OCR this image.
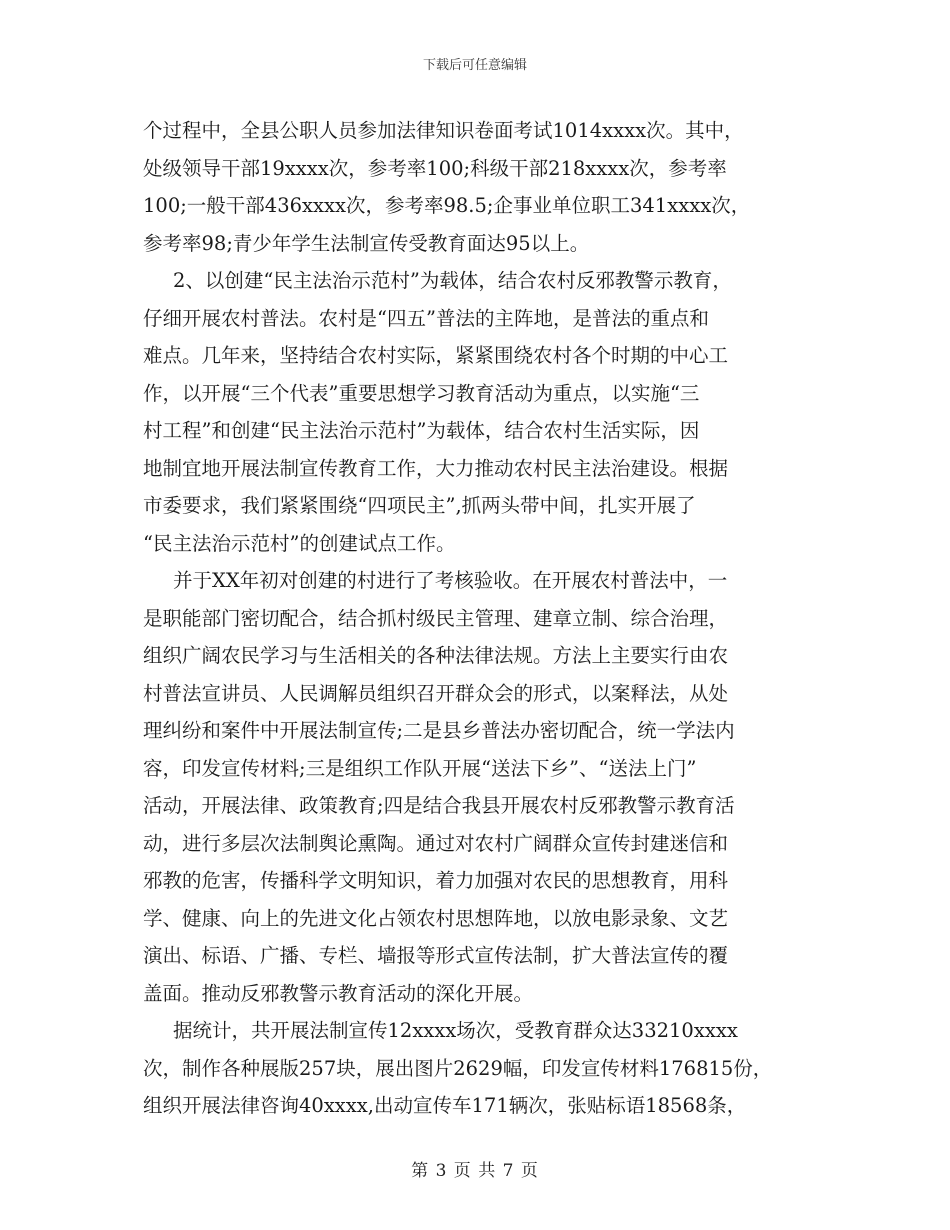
下载后可任意编辑
个过程中，全县公职人员参加法律知识卷面考试1014xxxx次。其中，
处级领导干部19xxxx次，参考率100;科级干部218xxxx次，参考率
100;一般干部436xxxx次，参考率98.5;企事业单位职工341xxxx次，
参考率98;青少年学生法制宣传受教育面达95以上。
2、以创建“民主法治示范村”为载体，结合农村反邪教警示教育，
仔细开展农村普法。农村是“四五”普法的主阵地，是普法的重点和
难点。几年来，坚持结合农村实际，紧紧围绕农村各个时期的中心工
作，以开展“三个代表”重要思想学习教育活动为重点，以实施“三
村工程”和创建“民主法治示范村”为载体，结合农村生活实际，因
地制宜地开展法制宣传教育工作，大力推动农村民主法治建设。根据
市委要求，我们紧紧围绕“四项民主”,抓两头带中间，扎实开展了
“民主法治示范村”的创建试点工作。
并于XX年初对创建的村进行了考核验收。在开展农村普法中，一
是职能部门密切配合，结合抓村级民主管理、建章立制、综合治理，
组织广阔农民学习与生活相关的各种法律法规。方法上主要实行由农
村普法宣讲员、人民调解员组织召开群众会的形式，以案释法，从处
理纠纷和案件中开展法制宣传;二是县乡普法办密切配合，统一学法内
容，印发宣传材料;三是组织工作队开展“送法下乡”、“送法上门”
活动，开展法律、政策教育;四是结合我县开展农村反邪教警示教育活
动，进行多层次法制舆论熏陶。通过对农村广阔群众宣传封建迷信和
邪教的危害，传播科学文明知识，着力加强对农民的思想教育，用科
学、健康、向上的先进文化占领农村思想阵地，以放电影录象、文艺
演出、标语、广播、专栏、墙报等形式宣传法制，扩大普法宣传的覆
盖面。推动反邪教警示教育活动的深化开展。
据统计，共开展法制宣传12xxxx场次，受教育群众达33210xxxx
次，制作各种展版257块，展出图片2629幅，印发宣传材料176815份，
组织开展法律咨询40xxxx,出动宣传车171辆次，张贴标语18568条，
第 3 页 共 7 页
